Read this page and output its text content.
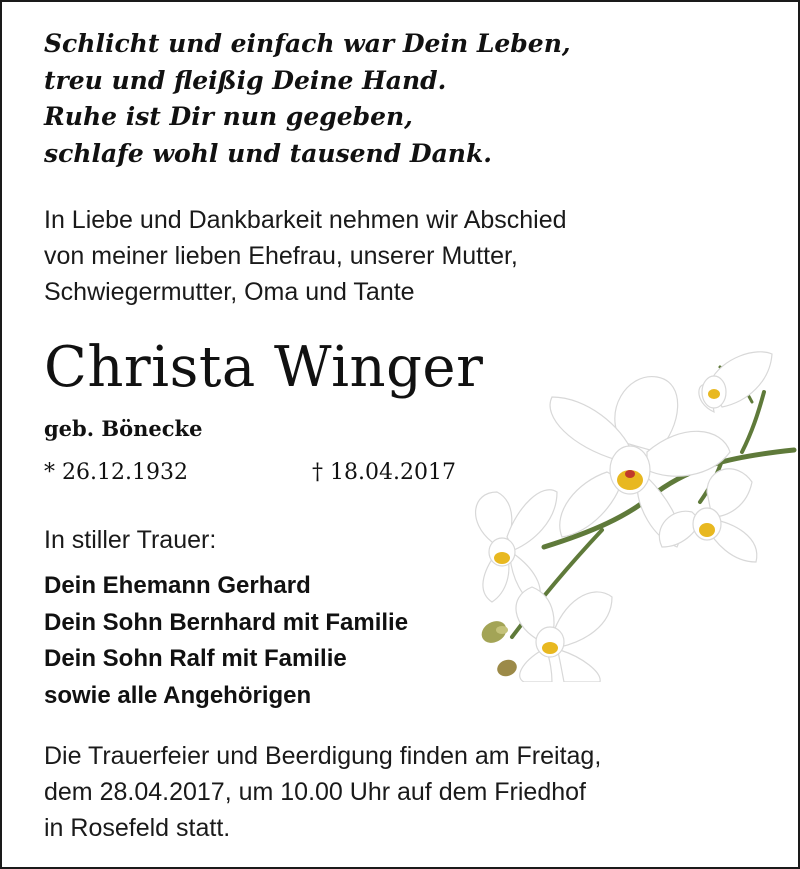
Schlicht und einfach war Dein Leben,
treu und fleißig Deine Hand.
Ruhe ist Dir nun gegeben,
schlafe wohl und tausend Dank.
In Liebe und Dankbarkeit nehmen wir Abschied
von meiner lieben Ehefrau, unserer Mutter,
Schwiegermutter, Oma und Tante
Christa Winger
geb. Bönecke
* 26.12.1932	† 18.04.2017
In stiller Trauer:
Dein Ehemann Gerhard
Dein Sohn Bernhard mit Familie
Dein Sohn Ralf mit Familie
sowie alle Angehörigen
Die Trauerfeier und Beerdigung finden am Freitag,
dem 28.04.2017, um 10.00 Uhr auf dem Friedhof
in Rosefeld statt.
